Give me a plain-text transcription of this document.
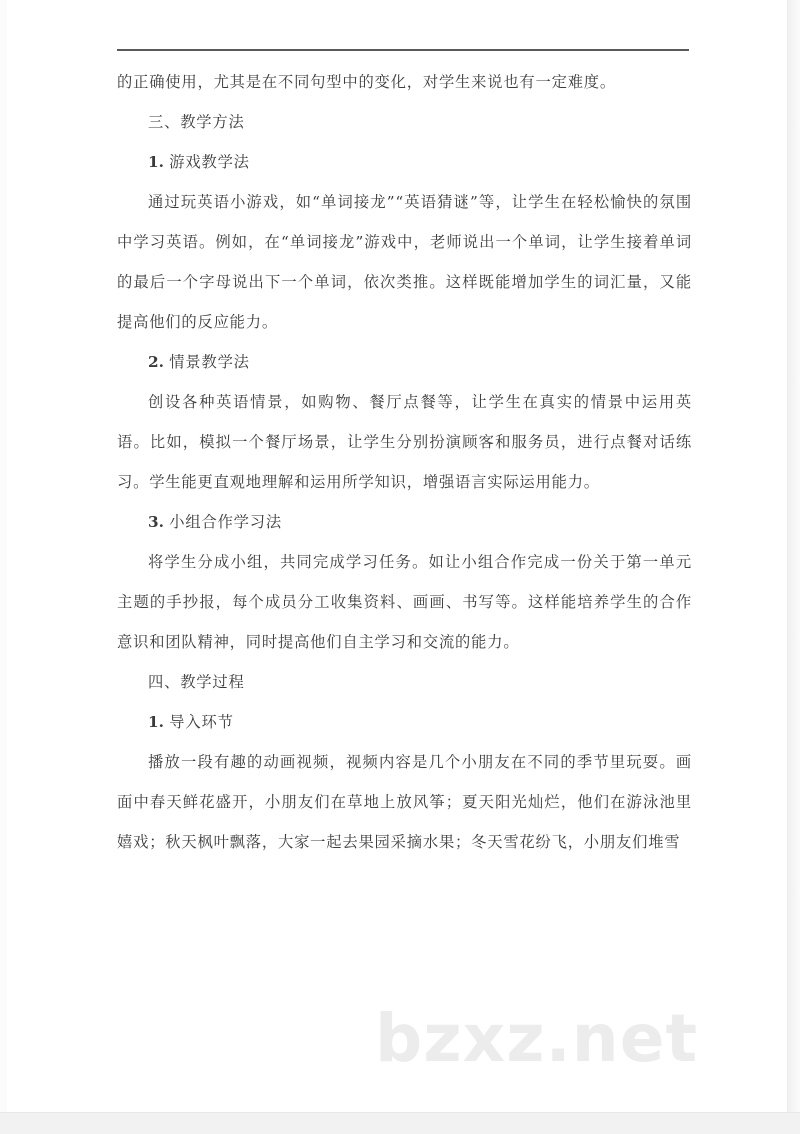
的正确使用，尤其是在不同句型中的变化，对学生来说也有一定难度。

三、教学方法

1. 游戏教学法

通过玩英语小游戏，如“单词接龙”“英语猜谜”等，让学生在轻松愉快的氛围中学习英语。例如，在“单词接龙”游戏中，老师说出一个单词，让学生接着单词的最后一个字母说出下一个单词，依次类推。这样既能增加学生的词汇量，又能提高他们的反应能力。

2. 情景教学法

创设各种英语情景，如购物、餐厅点餐等，让学生在真实的情景中运用英语。比如，模拟一个餐厅场景，让学生分别扮演顾客和服务员，进行点餐对话练习。学生能更直观地理解和运用所学知识，增强语言实际运用能力。

3. 小组合作学习法

将学生分成小组，共同完成学习任务。如让小组合作完成一份关于第一单元主题的手抄报，每个成员分工收集资料、画画、书写等。这样能培养学生的合作意识和团队精神，同时提高他们自主学习和交流的能力。

四、教学过程

1. 导入环节

播放一段有趣的动画视频，视频内容是几个小朋友在不同的季节里玩耍。画面中春天鲜花盛开，小朋友们在草地上放风筝；夏天阳光灿烂，他们在游泳池里嬉戏；秋天枫叶飘落，大家一起去果园采摘水果；冬天雪花纷飞，小朋友们堆雪

bzxz.net
